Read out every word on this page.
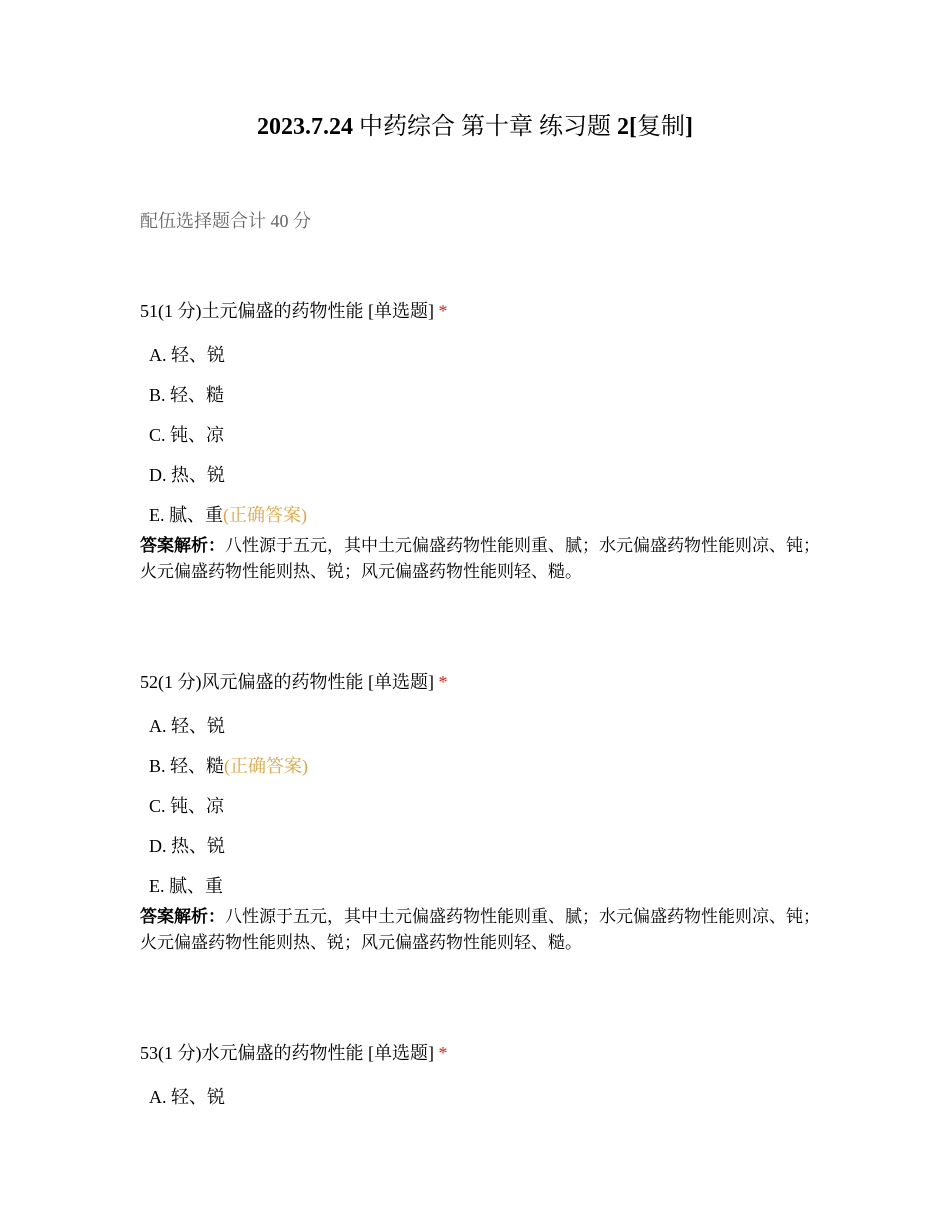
2023.7.24 中药综合 第十章 练习题 2[复制]
配伍选择题合计 40 分
51(1 分)土元偏盛的药物性能 [单选题] *
A. 轻、锐
B. 轻、糙
C. 钝、凉
D. 热、锐
E. 腻、重(正确答案)
答案解析：八性源于五元，其中土元偏盛药物性能则重、腻；水元偏盛药物性能则凉、钝；火元偏盛药物性能则热、锐；风元偏盛药物性能则轻、糙。
52(1 分)风元偏盛的药物性能 [单选题] *
A. 轻、锐
B. 轻、糙(正确答案)
C. 钝、凉
D. 热、锐
E. 腻、重
答案解析：八性源于五元，其中土元偏盛药物性能则重、腻；水元偏盛药物性能则凉、钝；火元偏盛药物性能则热、锐；风元偏盛药物性能则轻、糙。
53(1 分)水元偏盛的药物性能 [单选题] *
A. 轻、锐
